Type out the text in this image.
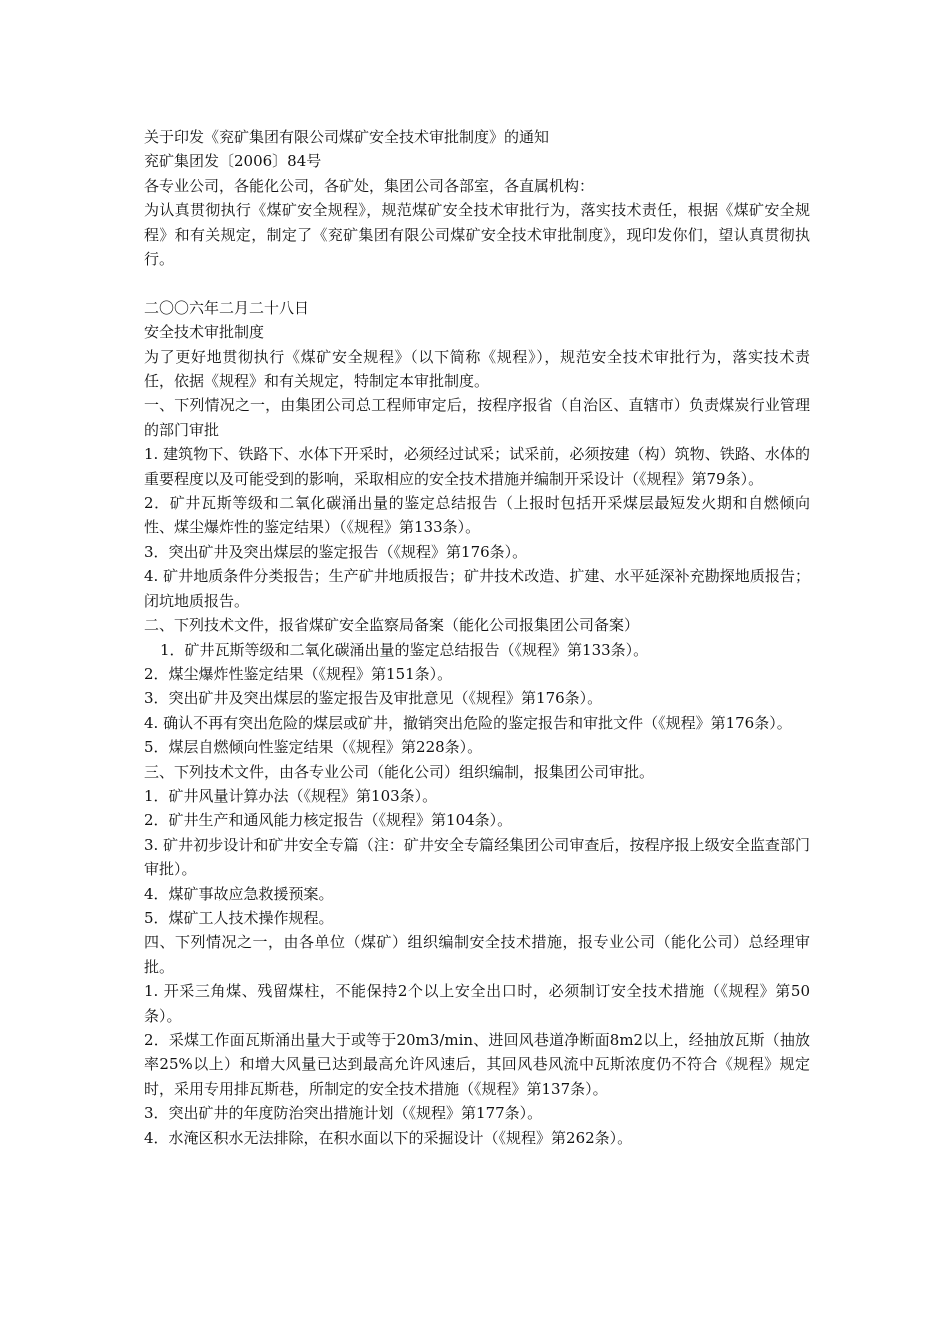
关于印发《兖矿集团有限公司煤矿安全技术审批制度》的通知

兖矿集团发〔2006〕84号

各专业公司，各能化公司，各矿处，集团公司各部室，各直属机构：

为认真贯彻执行《煤矿安全规程》，规范煤矿安全技术审批行为，落实技术责任，根据《煤矿安全规程》和有关规定，制定了《兖矿集团有限公司煤矿安全技术审批制度》，现印发你们，望认真贯彻执行。

二〇〇六年二月二十八日

安全技术审批制度

为了更好地贯彻执行《煤矿安全规程》（以下简称《规程》），规范安全技术审批行为，落实技术责任，依据《规程》和有关规定，特制定本审批制度。

一、下列情况之一，由集团公司总工程师审定后，按程序报省（自治区、直辖市）负责煤炭行业管理的部门审批

1. 建筑物下、铁路下、水体下开采时，必须经过试采；试采前，必须按建（构）筑物、铁路、水体的重要程度以及可能受到的影响，采取相应的安全技术措施并编制开采设计（《规程》第79条）。

2．矿井瓦斯等级和二氧化碳涌出量的鉴定总结报告（上报时包括开采煤层最短发火期和自燃倾向性、煤尘爆炸性的鉴定结果）（《规程》第133条）。

3．突出矿井及突出煤层的鉴定报告（《规程》第176条）。

4. 矿井地质条件分类报告；生产矿井地质报告；矿井技术改造、扩建、水平延深补充勘探地质报告；闭坑地质报告。

二、下列技术文件，报省煤矿安全监察局备案（能化公司报集团公司备案）

1．矿井瓦斯等级和二氧化碳涌出量的鉴定总结报告（《规程》第133条）。

2．煤尘爆炸性鉴定结果（《规程》第151条）。

3．突出矿井及突出煤层的鉴定报告及审批意见（《规程》第176条）。

4. 确认不再有突出危险的煤层或矿井，撤销突出危险的鉴定报告和审批文件（《规程》第176条）。

5．煤层自燃倾向性鉴定结果（《规程》第228条）。

三、下列技术文件，由各专业公司（能化公司）组织编制，报集团公司审批。

1．矿井风量计算办法（《规程》第103条）。

2．矿井生产和通风能力核定报告（《规程》第104条）。

3. 矿井初步设计和矿井安全专篇（注：矿井安全专篇经集团公司审查后，按程序报上级安全监查部门审批）。

4．煤矿事故应急救援预案。

5．煤矿工人技术操作规程。

四、下列情况之一，由各单位（煤矿）组织编制安全技术措施，报专业公司（能化公司）总经理审批。

1. 开采三角煤、残留煤柱，不能保持2个以上安全出口时，必须制订安全技术措施（《规程》第50条）。

2．采煤工作面瓦斯涌出量大于或等于20m3/min、进回风巷道净断面8m2以上，经抽放瓦斯（抽放率25%以上）和增大风量已达到最高允许风速后，其回风巷风流中瓦斯浓度仍不符合《规程》规定时，采用专用排瓦斯巷，所制定的安全技术措施（《规程》第137条）。

3．突出矿井的年度防治突出措施计划（《规程》第177条）。

4．水淹区积水无法排除，在积水面以下的采掘设计（《规程》第262条）。
